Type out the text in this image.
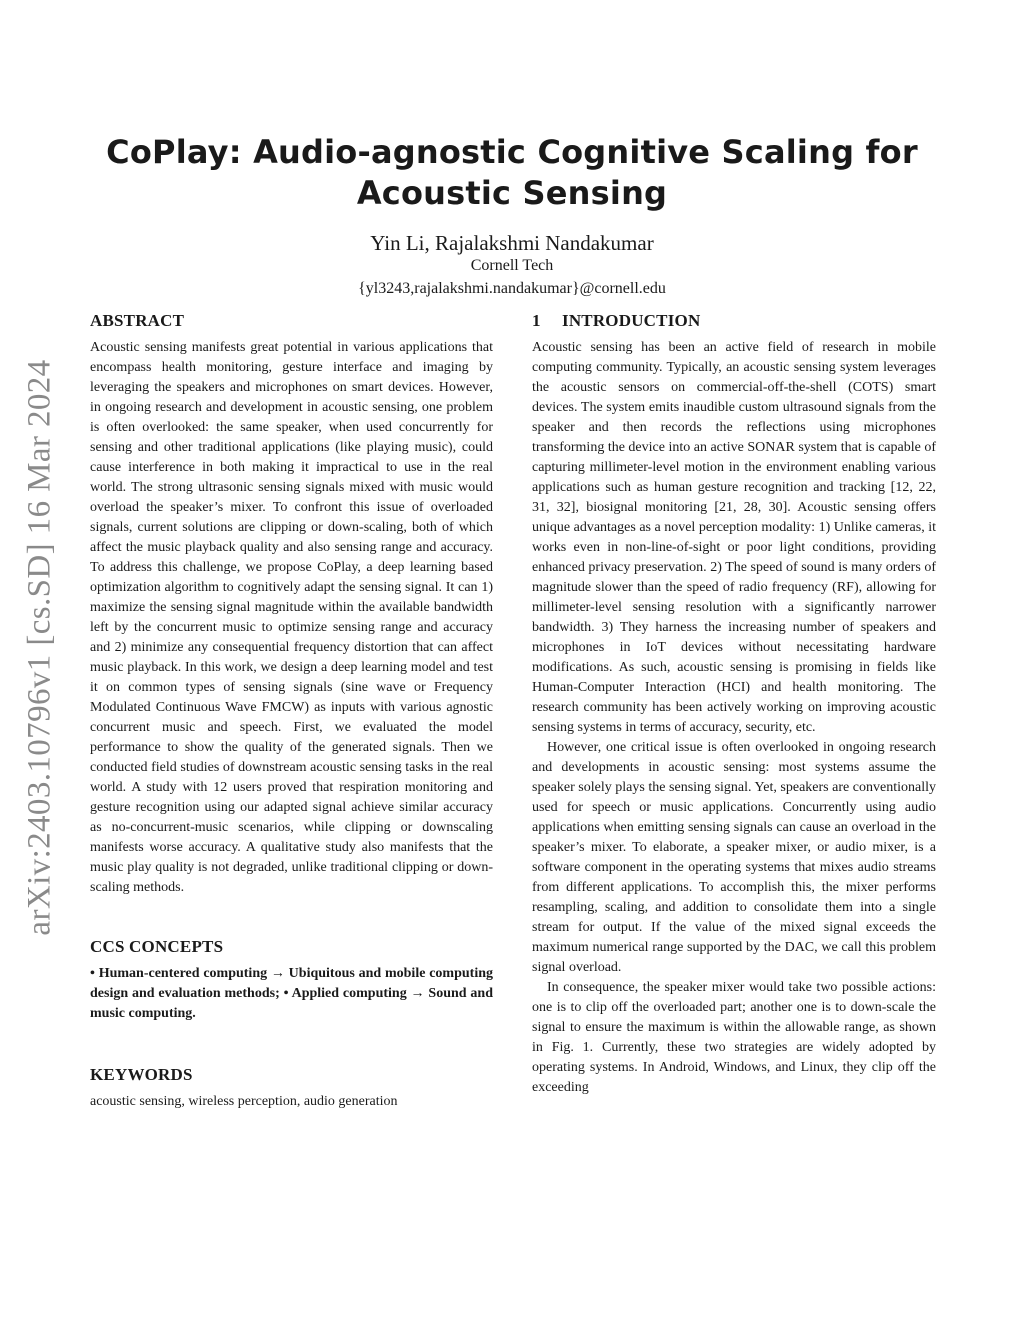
arXiv:2403.10796v1 [cs.SD] 16 Mar 2024
CoPlay: Audio-agnostic Cognitive Scaling for Acoustic Sensing
Yin Li, Rajalakshmi Nandakumar
Cornell Tech
{yl3243,rajalakshmi.nandakumar}@cornell.edu
ABSTRACT

Acoustic sensing manifests great potential in various applications that encompass health monitoring, gesture interface and imaging by leveraging the speakers and microphones on smart devices. However, in ongoing research and development in acoustic sensing, one problem is often overlooked: the same speaker, when used concurrently for sensing and other traditional applications (like playing music), could cause interference in both making it impractical to use in the real world. The strong ultrasonic sensing signals mixed with music would overload the speaker’s mixer. To confront this issue of overloaded signals, current solutions are clipping or down-scaling, both of which affect the music playback quality and also sensing range and accuracy. To address this challenge, we propose CoPlay, a deep learning based optimization algorithm to cognitively adapt the sensing signal. It can 1) maximize the sensing signal magnitude within the available bandwidth left by the concurrent music to optimize sensing range and accuracy and 2) minimize any consequential frequency distortion that can affect music playback. In this work, we design a deep learning model and test it on common types of sensing signals (sine wave or Frequency Modulated Continuous Wave FMCW) as inputs with various agnostic concurrent music and speech. First, we evaluated the model performance to show the quality of the generated signals. Then we conducted field studies of downstream acoustic sensing tasks in the real world. A study with 12 users proved that respiration monitoring and gesture recognition using our adapted signal achieve similar accuracy as no-concurrent-music scenarios, while clipping or downscaling manifests worse accuracy. A qualitative study also manifests that the music play quality is not degraded, unlike traditional clipping or down-scaling methods.

CCS CONCEPTS

• Human-centered computing → Ubiquitous and mobile computing design and evaluation methods; • Applied computing → Sound and music computing.

KEYWORDS

acoustic sensing, wireless perception, audio generation

1 INTRODUCTION

Acoustic sensing has been an active field of research in mobile computing community. Typically, an acoustic sensing system leverages the acoustic sensors on commercial-off-the-shell (COTS) smart devices. The system emits inaudible custom ultrasound signals from the speaker and then records the reflections using microphones transforming the device into an active SONAR system that is capable of capturing millimeter-level motion in the environment enabling various applications such as human gesture recognition and tracking [12, 22, 31, 32], biosignal monitoring [21, 28, 30]. Acoustic sensing offers unique advantages as a novel perception modality: 1) Unlike cameras, it works even in non-line-of-sight or poor light conditions, providing enhanced privacy preservation. 2) The speed of sound is many orders of magnitude slower than the speed of radio frequency (RF), allowing for millimeter-level sensing resolution with a significantly narrower bandwidth. 3) They harness the increasing number of speakers and microphones in IoT devices without necessitating hardware modifications. As such, acoustic sensing is promising in fields like Human-Computer Interaction (HCI) and health monitoring. The research community has been actively working on improving acoustic sensing systems in terms of accuracy, security, etc.

However, one critical issue is often overlooked in ongoing research and developments in acoustic sensing: most systems assume the speaker solely plays the sensing signal. Yet, speakers are conventionally used for speech or music applications. Concurrently using audio applications when emitting sensing signals can cause an overload in the speaker’s mixer. To elaborate, a speaker mixer, or audio mixer, is a software component in the operating systems that mixes audio streams from different applications. To accomplish this, the mixer performs resampling, scaling, and addition to consolidate them into a single stream for output. If the value of the mixed signal exceeds the maximum numerical range supported by the DAC, we call this problem signal overload.

In consequence, the speaker mixer would take two possible actions: one is to clip off the overloaded part; another one is to down-scale the signal to ensure the maximum is within the allowable range, as shown in Fig. 1. Currently, these two strategies are widely adopted by operating systems. In Android, Windows, and Linux, they clip off the exceeding
